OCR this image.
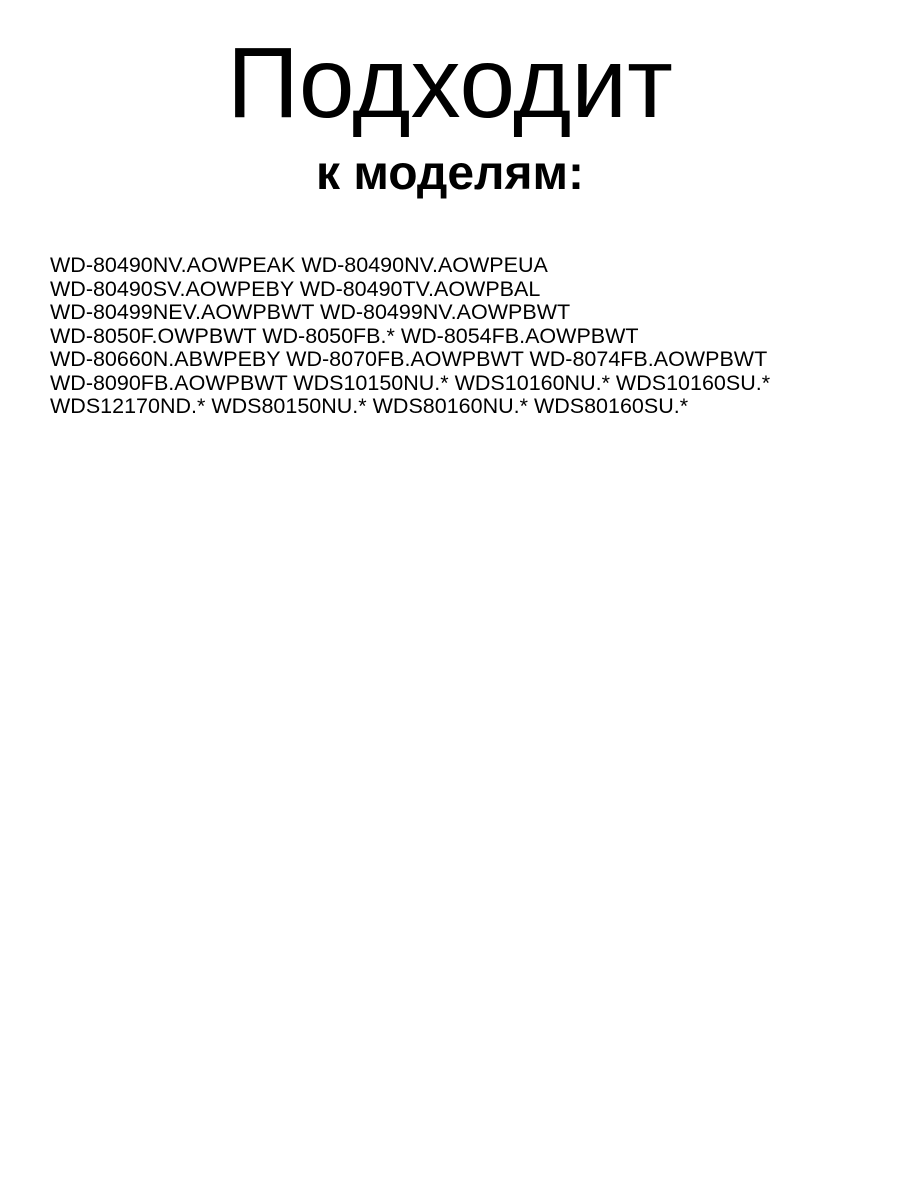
Подходит
к моделям:
WD-80490NV.AOWPEAK WD-80490NV.AOWPEUA
WD-80490SV.AOWPEBY WD-80490TV.AOWPBAL
WD-80499NEV.AOWPBWT WD-80499NV.AOWPBWT
WD-8050F.OWPBWT WD-8050FB.* WD-8054FB.AOWPBWT
WD-80660N.ABWPEBY WD-8070FB.AOWPBWT WD-8074FB.AOWPBWT
WD-8090FB.AOWPBWT WDS10150NU.* WDS10160NU.* WDS10160SU.*
WDS12170ND.* WDS80150NU.* WDS80160NU.* WDS80160SU.*
